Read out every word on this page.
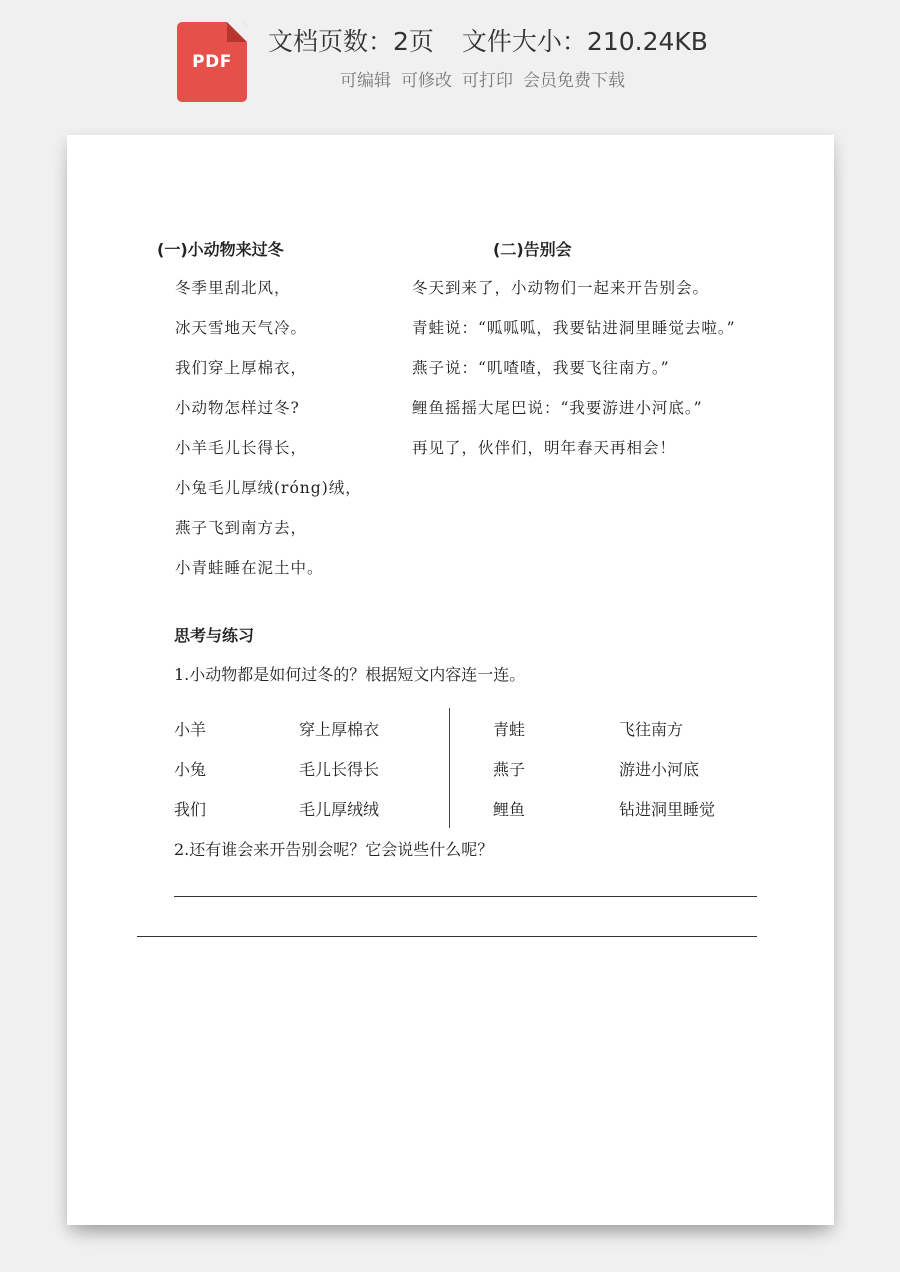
PDF
文档页数：2页 文件大小：210.24KB
可编辑 可修改 可打印 会员免费下载
(一)小动物来过冬
冬季里刮北风，
冰天雪地天气冷。
我们穿上厚棉衣，
小动物怎样过冬?
小羊毛儿长得长，
小兔毛儿厚绒(róng)绒，
燕子飞到南方去，
小青蛙睡在泥土中。
(二)告别会
冬天到来了，小动物们一起来开告别会。
青蛙说：“呱呱呱，我要钻进洞里睡觉去啦。”
燕子说：“叽喳喳，我要飞往南方。”
鲤鱼摇摇大尾巴说：“我要游进小河底。”
再见了，伙伴们，明年春天再相会！
思考与练习
1.小动物都是如何过冬的？根据短文内容连一连。
小羊	穿上厚棉衣
小兔	毛儿长得长
我们	毛儿厚绒绒
青蛙	飞往南方
燕子	游进小河底
鲤鱼	钻进洞里睡觉
2.还有谁会来开告别会呢？它会说些什么呢？
